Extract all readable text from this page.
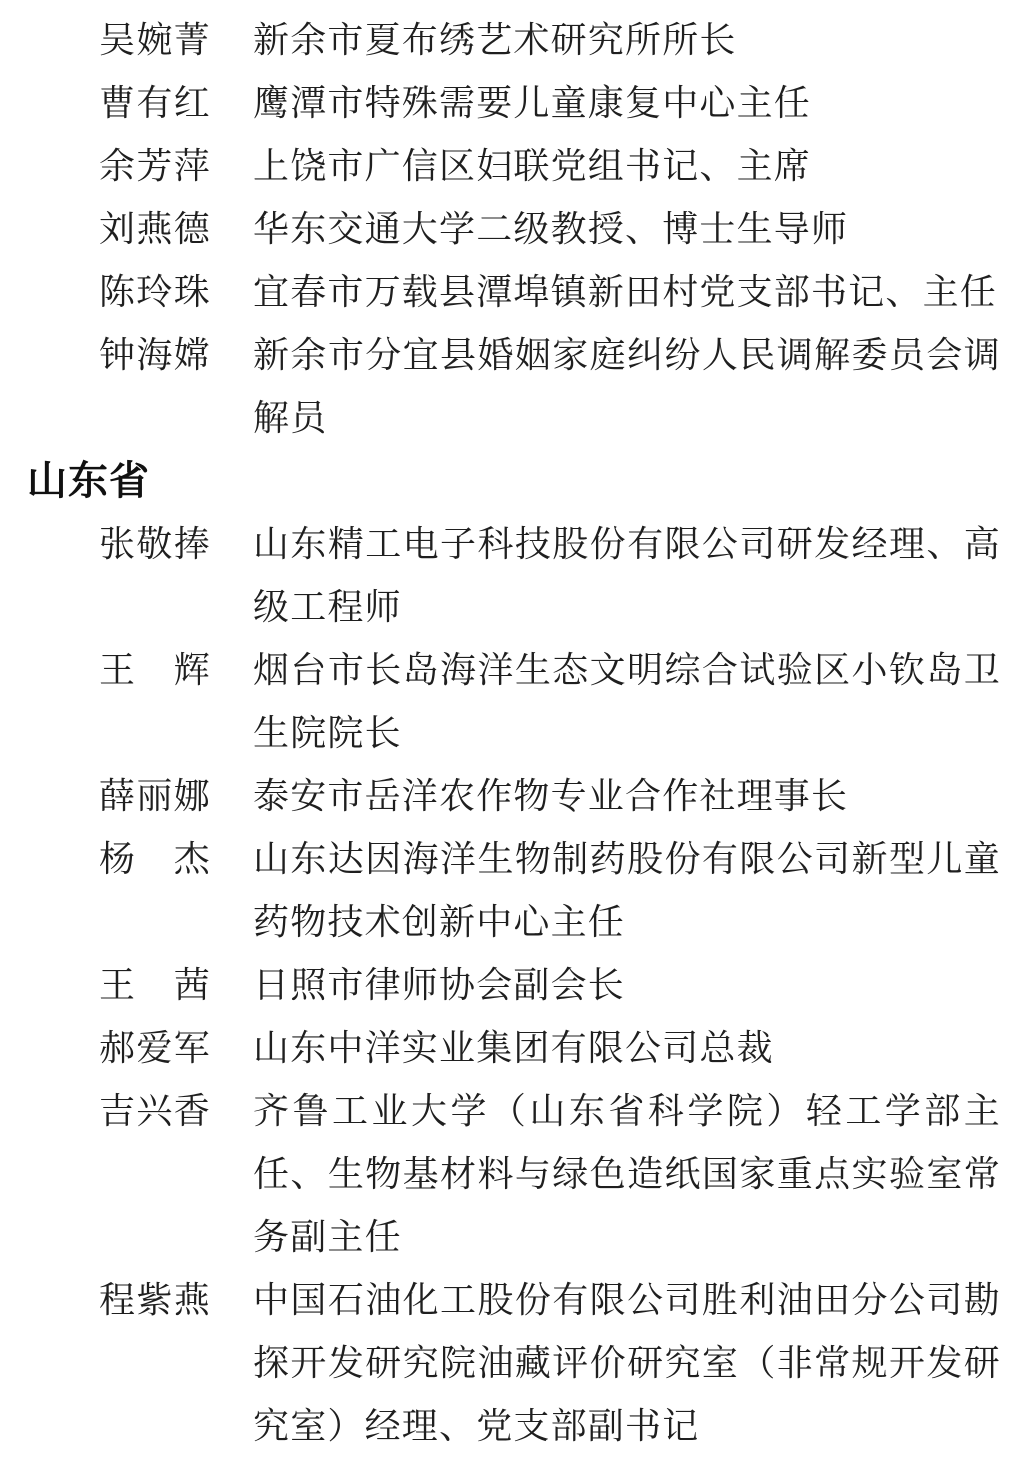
吴婉菁 新余市夏布绣艺术研究所所长
曹有红 鹰潭市特殊需要儿童康复中心主任
余芳萍 上饶市广信区妇联党组书记、主席
刘燕德 华东交通大学二级教授、博士生导师
陈玲珠 宜春市万载县潭埠镇新田村党支部书记、主任
钟海嫦 新余市分宜县婚姻家庭纠纷人民调解委员会调解员
山东省
张敬捧 山东精工电子科技股份有限公司研发经理、高级工程师
王辉 烟台市长岛海洋生态文明综合试验区小钦岛卫生院院长
薛丽娜 泰安市岳洋农作物专业合作社理事长
杨杰 山东达因海洋生物制药股份有限公司新型儿童药物技术创新中心主任
王茜 日照市律师协会副会长
郝爱军 山东中洋实业集团有限公司总裁
吉兴香 齐鲁工业大学（山东省科学院）轻工学部主任、生物基材料与绿色造纸国家重点实验室常务副主任
程紫燕 中国石油化工股份有限公司胜利油田分公司勘探开发研究院油藏评价研究室（非常规开发研究室）经理、党支部副书记
